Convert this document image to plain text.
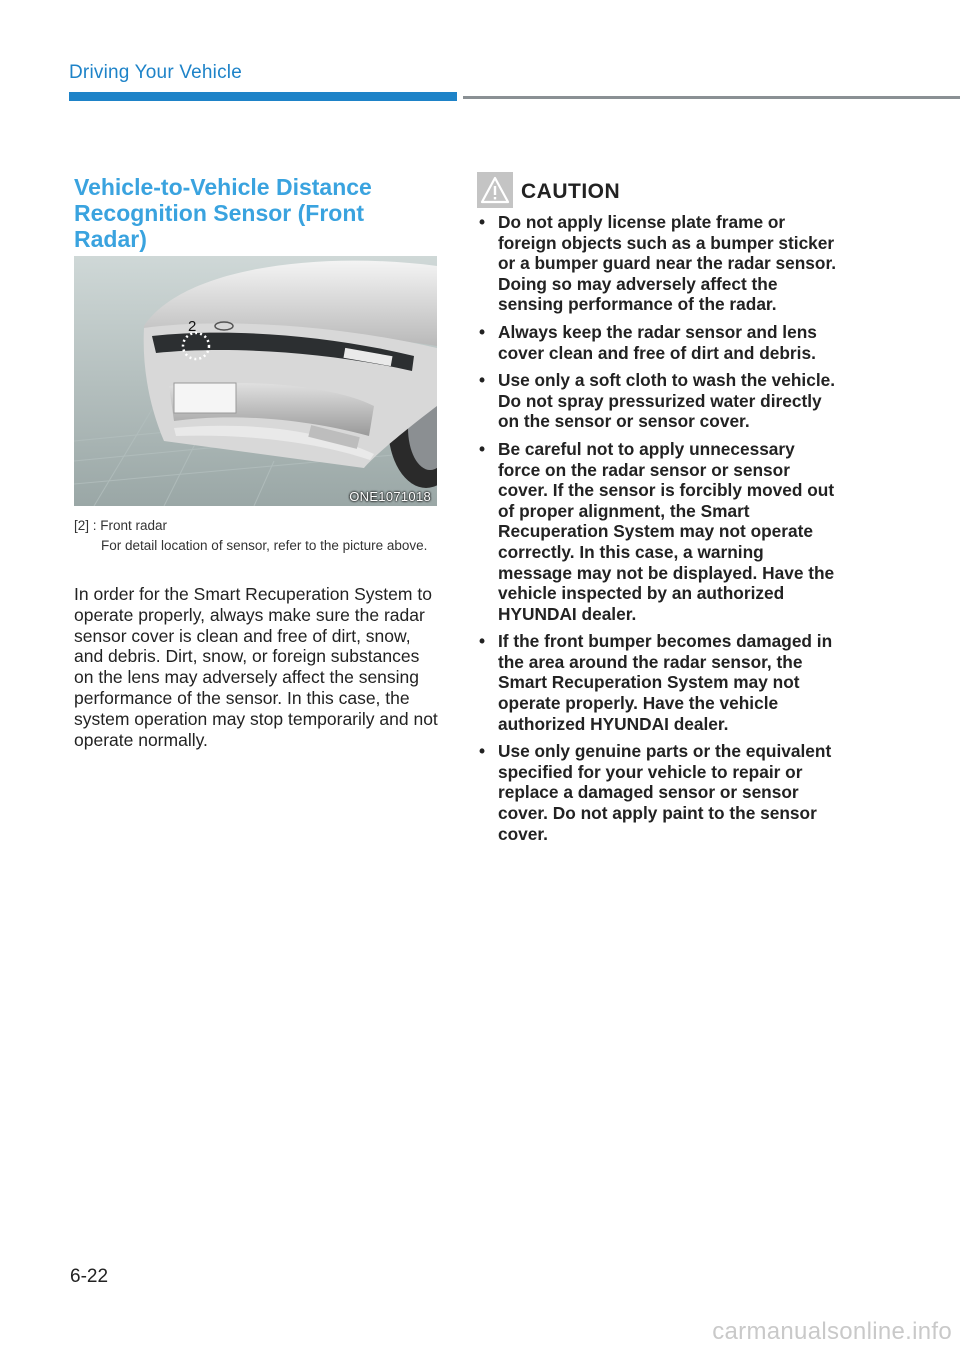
Driving Your Vehicle
Vehicle-to-Vehicle Distance Recognition Sensor (Front Radar)
2
ONE1071018
[2] : Front radar
For detail location of sensor, refer to the picture above.
In order for the Smart Recuperation System to operate properly, always make sure the radar sensor cover is clean and free of dirt, snow, and debris. Dirt, snow, or foreign substances on the lens may adversely affect the sensing performance of the sensor. In this case, the system operation may stop temporarily and not operate normally.
CAUTION
• Do not apply license plate frame or foreign objects such as a bumper sticker or a bumper guard near the radar sensor. Doing so may adversely affect the sensing performance of the radar.
• Always keep the radar sensor and lens cover clean and free of dirt and debris.
• Use only a soft cloth to wash the vehicle. Do not spray pressurized water directly on the sensor or sensor cover.
• Be careful not to apply unnecessary force on the radar sensor or sensor cover. If the sensor is forcibly moved out of proper alignment, the Smart Recuperation System may not operate correctly. In this case, a warning message may not be displayed. Have the vehicle inspected by an authorized HYUNDAI dealer.
• If the front bumper becomes damaged in the area around the radar sensor, the Smart Recuperation System may not operate properly. Have the vehicle authorized HYUNDAI dealer.
• Use only genuine parts or the equivalent specified for your vehicle to repair or replace a damaged sensor or sensor cover. Do not apply paint to the sensor cover.
6-22
carmanualsonline.info
